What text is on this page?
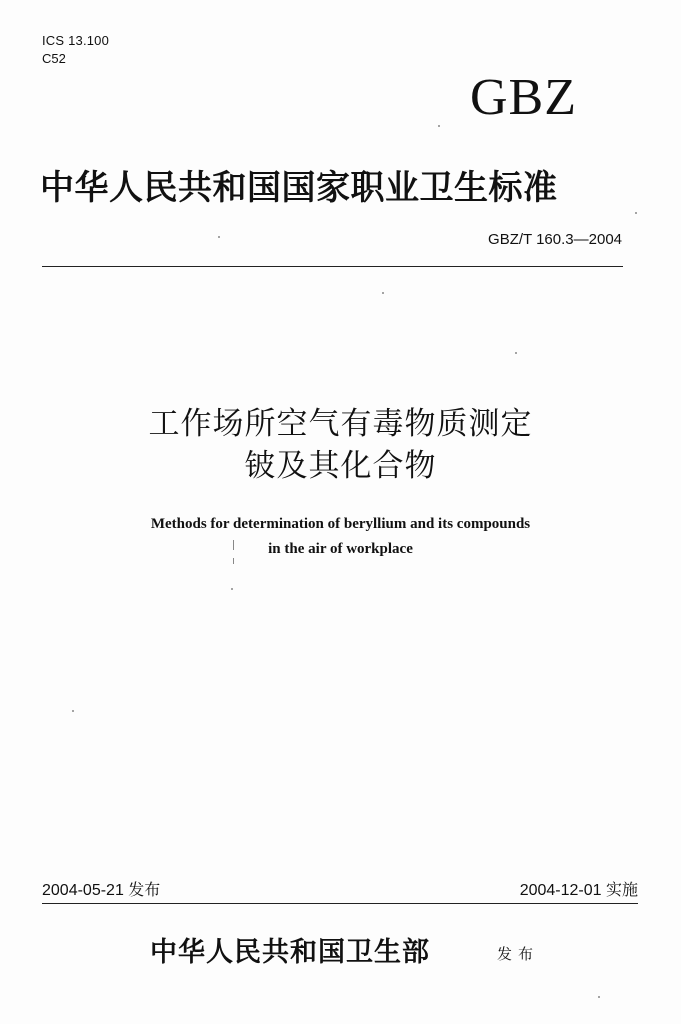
ICS 13.100

C52

GBZ

中华人民共和国国家职业卫生标准

GBZ/T 160.3—2004

工作场所空气有毒物质测定

铍及其化合物

Methods for determination of beryllium and its compounds

in the air of workplace

2004-05-21 发布	2004-12-01 实施

中华人民共和国卫生部	发布
